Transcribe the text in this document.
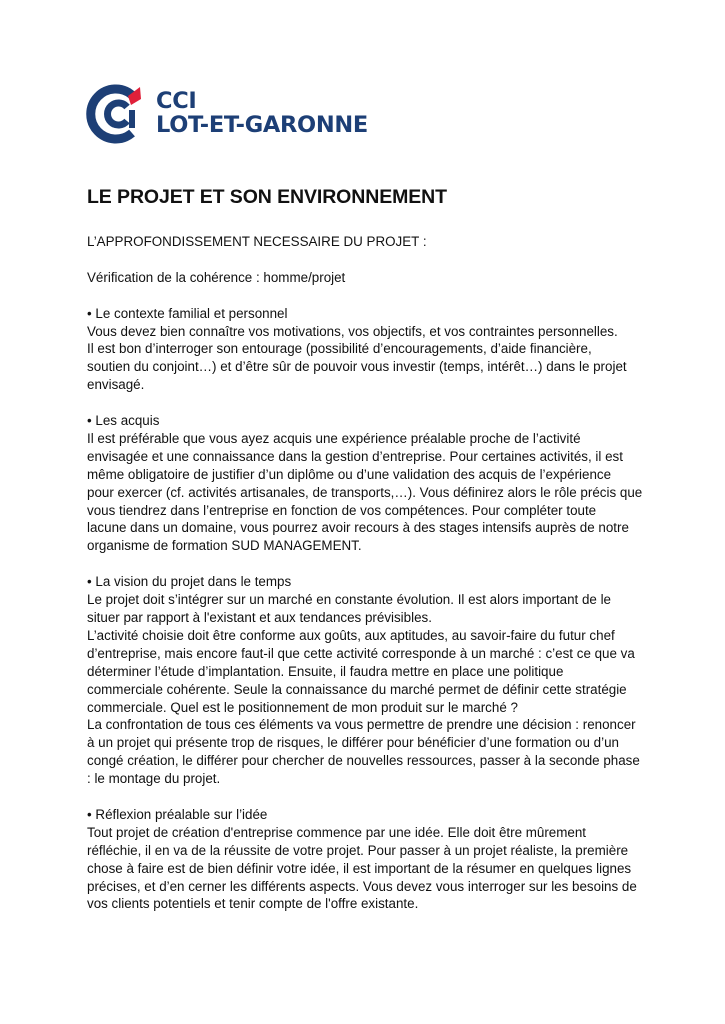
CCI
LOT-ET-GARONNE
LE PROJET ET SON ENVIRONNEMENT
L’APPROFONDISSEMENT NECESSAIRE DU PROJET :
Vérification de la cohérence : homme/projet
• Le contexte familial et personnel
Vous devez bien connaître vos motivations, vos objectifs, et vos contraintes personnelles.
Il est bon d’interroger son entourage (possibilité d’encouragements, d’aide financière,
soutien du conjoint…) et d’être sûr de pouvoir vous investir (temps, intérêt…) dans le projet
envisagé.
• Les acquis
Il est préférable que vous ayez acquis une expérience préalable proche de l’activité
envisagée et une connaissance dans la gestion d’entreprise. Pour certaines activités, il est
même obligatoire de justifier d’un diplôme ou d’une validation des acquis de l’expérience
pour exercer (cf. activités artisanales, de transports,…). Vous définirez alors le rôle précis que
vous tiendrez dans l’entreprise en fonction de vos compétences. Pour compléter toute
lacune dans un domaine, vous pourrez avoir recours à des stages intensifs auprès de notre
organisme de formation SUD MANAGEMENT.
• La vision du projet dans le temps
Le projet doit s’intégrer sur un marché en constante évolution. Il est alors important de le
situer par rapport à l'existant et aux tendances prévisibles.
L’activité choisie doit être conforme aux goûts, aux aptitudes, au savoir-faire du futur chef
d’entreprise, mais encore faut-il que cette activité corresponde à un marché : c’est ce que va
déterminer l’étude d’implantation. Ensuite, il faudra mettre en place une politique
commerciale cohérente. Seule la connaissance du marché permet de définir cette stratégie
commerciale. Quel est le positionnement de mon produit sur le marché ?
La confrontation de tous ces éléments va vous permettre de prendre une décision : renoncer
à un projet qui présente trop de risques, le différer pour bénéficier d’une formation ou d’un
congé création, le différer pour chercher de nouvelles ressources, passer à la seconde phase
: le montage du projet.
• Réflexion préalable sur l’idée
Tout projet de création d'entreprise commence par une idée. Elle doit être mûrement
réfléchie, il en va de la réussite de votre projet. Pour passer à un projet réaliste, la première
chose à faire est de bien définir votre idée, il est important de la résumer en quelques lignes
précises, et d’en cerner les différents aspects. Vous devez vous interroger sur les besoins de
vos clients potentiels et tenir compte de l'offre existante.
